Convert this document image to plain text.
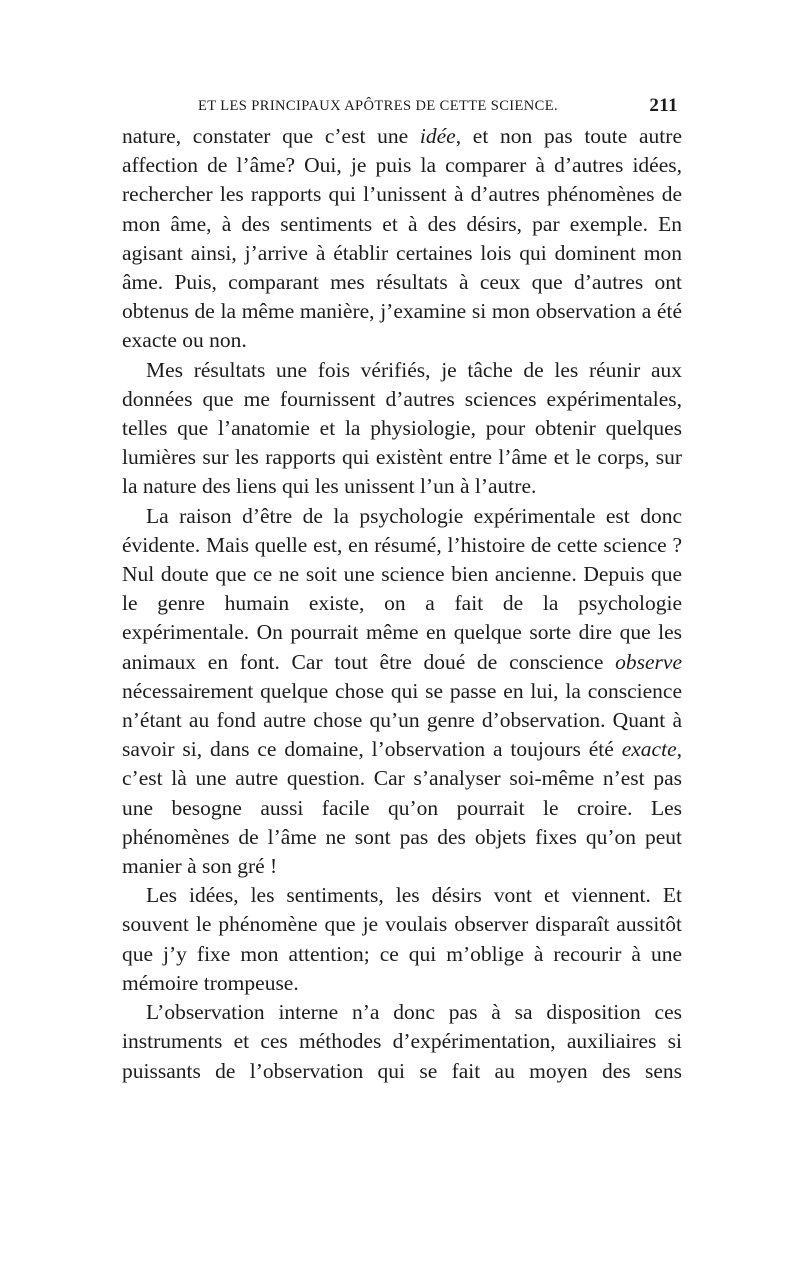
ET LES PRINCIPAUX APÔTRES DE CETTE SCIENCE.	211

nature, constater que c’est une idée, et non pas toute autre affection de l’âme? Oui, je puis la comparer à d’autres idées, rechercher les rapports qui l’unissent à d’autres phénomènes de mon âme, à des sentiments et à des désirs, par exemple. En agisant ainsi, j’arrive à établir certaines lois qui dominent mon âme. Puis, comparant mes résultats à ceux que d’autres ont obtenus de la même manière, j’examine si mon observation a été exacte ou non.

Mes résultats une fois vérifiés, je tâche de les réunir aux données que me fournissent d’autres sciences expérimentales, telles que l’anatomie et la physiologie, pour obtenir quelques lumières sur les rapports qui existènt entre l’âme et le corps, sur la nature des liens qui les unissent l’un à l’autre.

La raison d’être de la psychologie expérimentale est donc évidente. Mais quelle est, en résumé, l’histoire de cette science ? Nul doute que ce ne soit une science bien ancienne. Depuis que le genre humain existe, on a fait de la psychologie expérimentale. On pourrait même en quelque sorte dire que les animaux en font. Car tout être doué de conscience observe nécessairement quelque chose qui se passe en lui, la conscience n’étant au fond autre chose qu’un genre d’observation. Quant à savoir si, dans ce domaine, l’observation a toujours été exacte, c’est là une autre question. Car s’analyser soi-même n’est pas une besogne aussi facile qu’on pourrait le croire. Les phénomènes de l’âme ne sont pas des objets fixes qu’on peut manier à son gré !

Les idées, les sentiments, les désirs vont et viennent. Et souvent le phénomène que je voulais observer disparaît aussitôt que j’y fixe mon attention; ce qui m’oblige à recourir à une mémoire trompeuse.

L’observation interne n’a donc pas à sa disposition ces instruments et ces méthodes d’expérimentation, auxiliaires si puissants de l’observation qui se fait au moyen des sens
